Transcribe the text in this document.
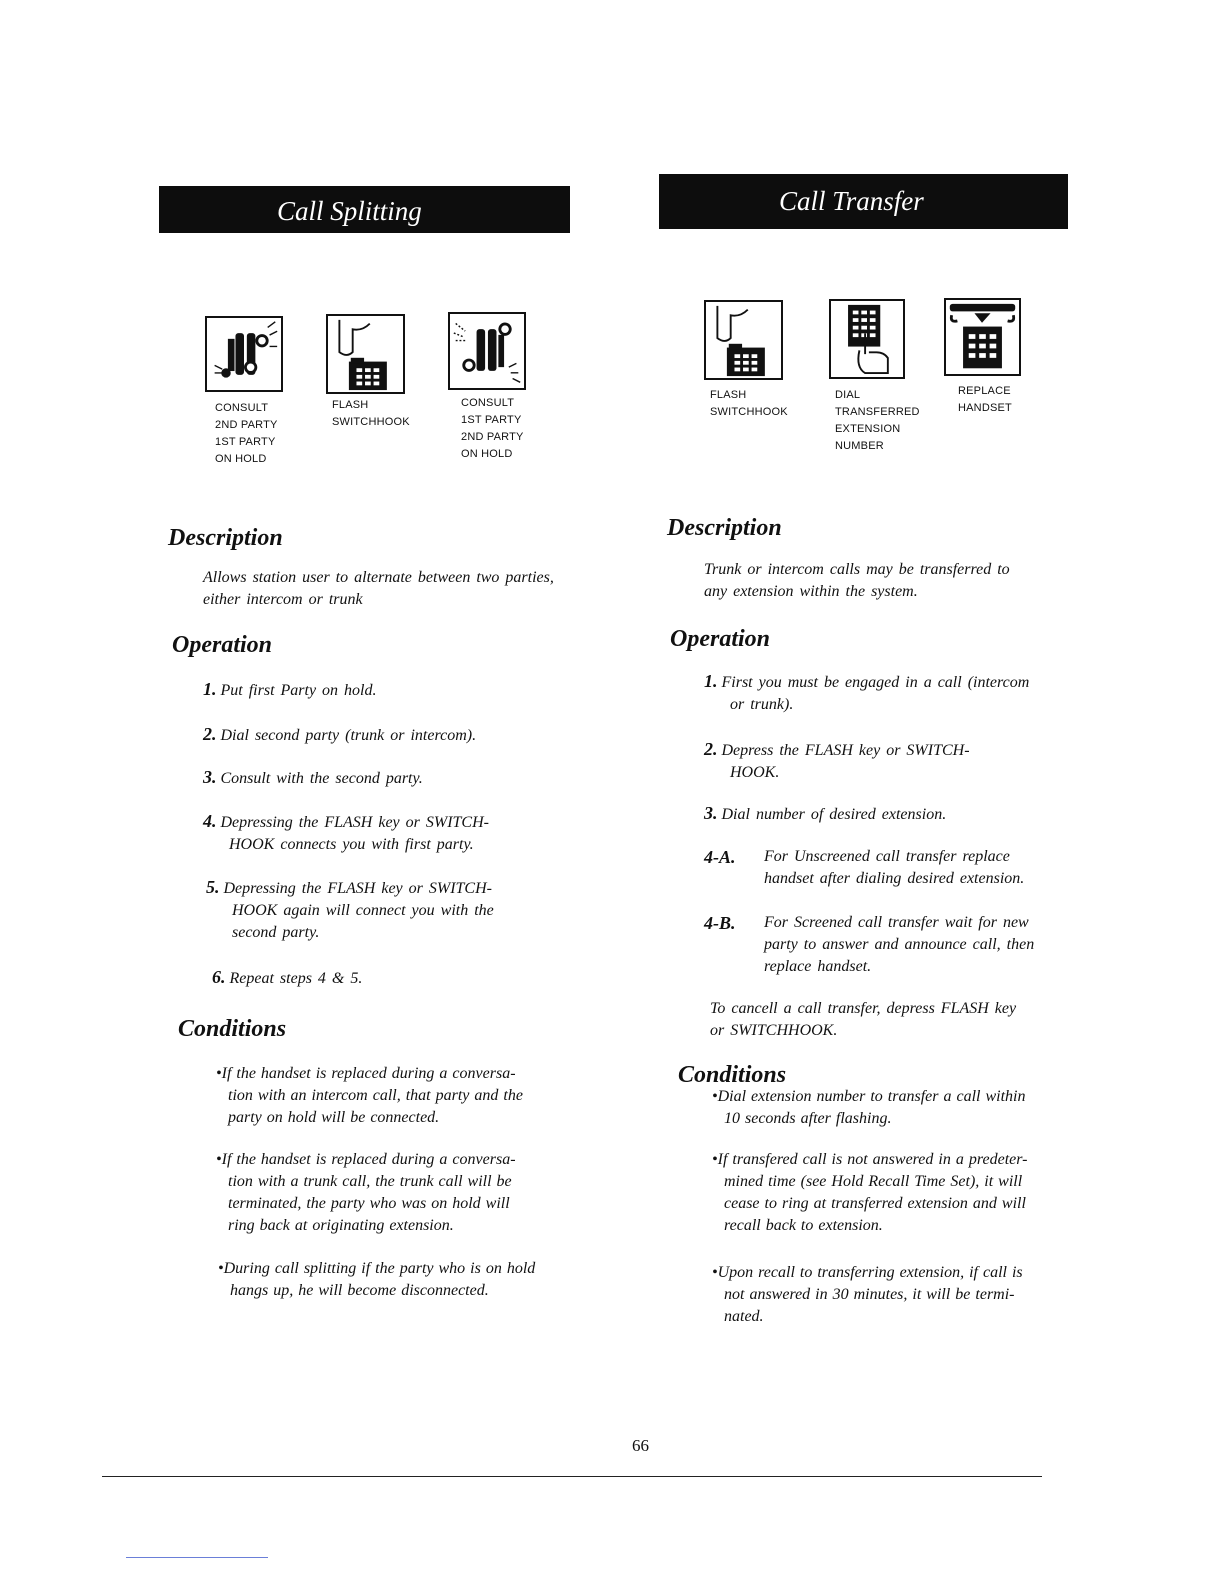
Call Splitting
CONSULT
2ND PARTY
1ST PARTY
ON HOLD
FLASH
SWITCHHOOK
CONSULT
1ST PARTY
2ND PARTY
ON HOLD
Description
Allows station user to alternate between two parties, either intercom or trunk
Operation
1. Put first Party on hold.
2. Dial second party (trunk or intercom).
3. Consult with the second party.
4. Depressing the FLASH key or SWITCH-
HOOK connects you with first party.
5. Depressing the FLASH key or SWITCH-
HOOK again will connect you with the
second party.
6. Repeat steps 4 & 5.
Conditions
•If the handset is replaced during a conversa-
tion with an intercom call, that party and the
party on hold will be connected.
•If the handset is replaced during a conversa-
tion with a trunk call, the trunk call will be
terminated, the party who was on hold will
ring back at originating extension.
•During call splitting if the party who is on hold
hangs up, he will become disconnected.
Call Transfer
FLASH
SWITCHHOOK
DIAL
TRANSFERRED
EXTENSION
NUMBER
REPLACE
HANDSET
Description
Trunk or intercom calls may be transferred to
any extension within the system.
Operation
1. First you must be engaged in a call (intercom
or trunk).
2. Depress the FLASH key or SWITCH-
HOOK.
3. Dial number of desired extension.
4-A. For Unscreened call transfer replace
handset after dialing desired extension.
4-B. For Screened call transfer wait for new
party to answer and announce call, then
replace handset.
To cancell a call transfer, depress FLASH key
or SWITCHHOOK.
Conditions
•Dial extension number to transfer a call within
10 seconds after flashing.
•If transfered call is not answered in a predeter-
mined time (see Hold Recall Time Set), it will
cease to ring at transferred extension and will
recall back to extension.
•Upon recall to transferring extension, if call is
not answered in 30 minutes, it will be termi-
nated.
66
